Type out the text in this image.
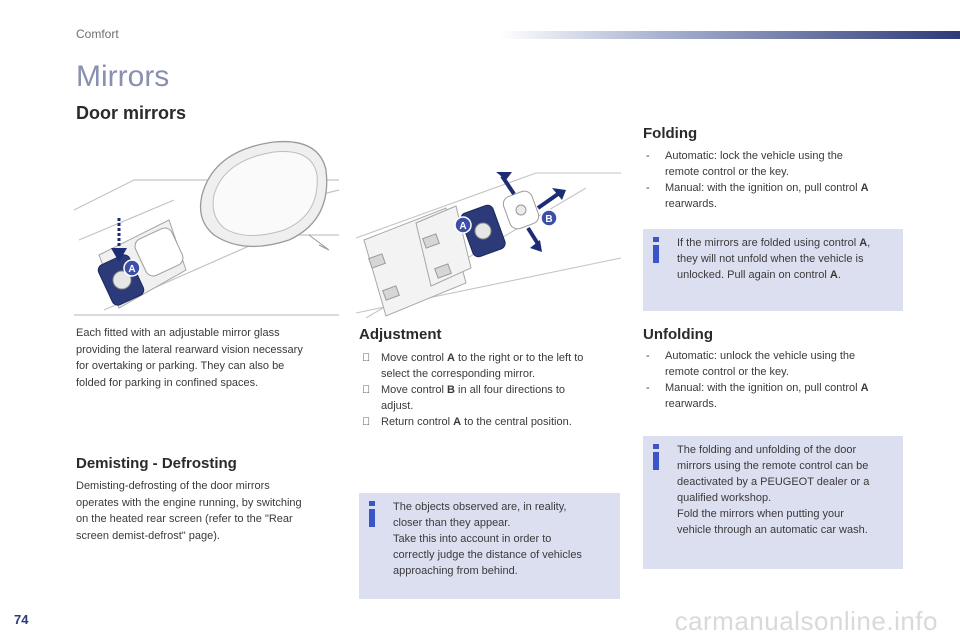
Comfort
Mirrors
Door mirrors
A
A
B
Each fitted with an adjustable mirror glass
providing the lateral rearward vision necessary
for overtaking or parking. They can also be
folded for parking in confined spaces.
Demisting - Defrosting
Demisting-defrosting of the door mirrors
operates with the engine running, by switching
on the heated rear screen (refer to the "Rear
screen demist-defrost" page).
Adjustment
Move control A to the right or to the left to
select the corresponding mirror.
Move control B in all four directions to
adjust.
Return control A to the central position.
The objects observed are, in reality,
closer than they appear.
Take this into account in order to
correctly judge the distance of vehicles
approaching from behind.
Folding
-	Automatic: lock the vehicle using the
remote control or the key.
-	Manual: with the ignition on, pull control A
rearwards.
If the mirrors are folded using control A,
they will not unfold when the vehicle is
unlocked. Pull again on control A.
Unfolding
-	Automatic: unlock the vehicle using the
remote control or the key.
-	Manual: with the ignition on, pull control A
rearwards.
The folding and unfolding of the door
mirrors using the remote control can be
deactivated by a PEUGEOT dealer or a
qualified workshop.
Fold the mirrors when putting your
vehicle through an automatic car wash.
74	carmanualsonline.info
